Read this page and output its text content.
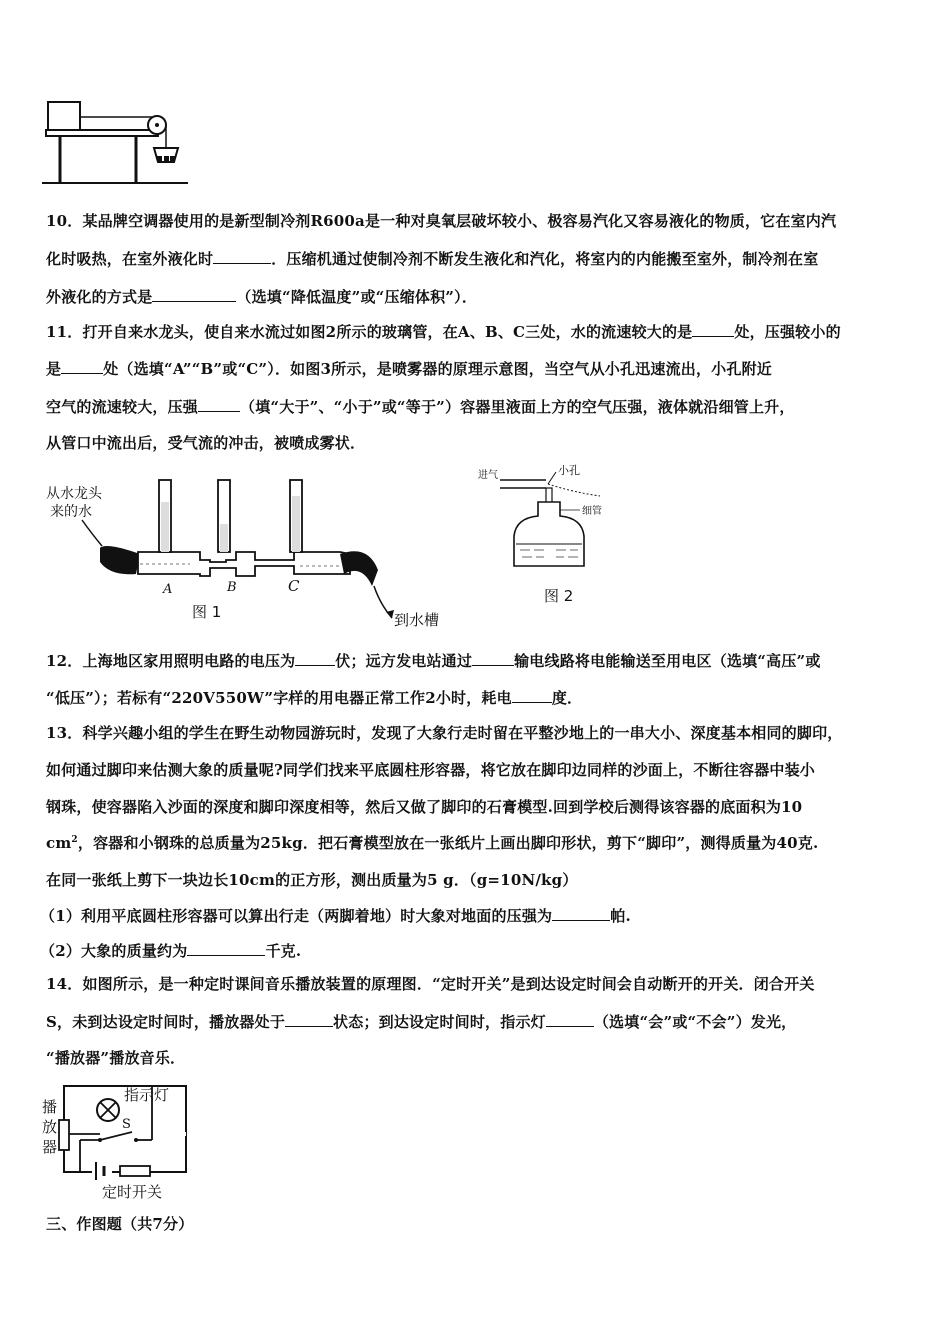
10．某品牌空调器使用的是新型制冷剂R600a是一种对臭氧层破坏较小、极容易汽化又容易液化的物质，它在室内汽
化时吸热，在室外液化时	．压缩机通过使制冷剂不断发生液化和汽化，将室内的内能搬至室外，制冷剂在室
外液化的方式是	（选填“降低温度”或“压缩体积”）．
11．打开自来水龙头，使自来水流过如图2所示的玻璃管，在A、B、C三处，水的流速较大的是	处，压强较小的
是	处（选填“A”“B”或“C”）．如图3所示，是喷雾器的原理示意图，当空气从小孔迅速流出，小孔附近
空气的流速较大，压强	（填“大于”、“小于”或“等于”）容器里液面上方的空气压强，液体就沿细管上升，
从管口中流出后，受气流的冲击，被喷成雾状．
从水龙头
来的水
A	B	C
图 1	到水槽
进气	小孔
细管
图 2
12．上海地区家用照明电路的电压为	伏；远方发电站通过	输电线路将电能输送至用电区（选填“高压”或
“低压”）；若标有“220V550W”字样的用电器正常工作2小时，耗电	度．
13．科学兴趣小组的学生在野生动物园游玩时，发现了大象行走时留在平整沙地上的一串大小、深度基本相同的脚印，
如何通过脚印来估测大象的质量呢?同学们找来平底圆柱形容器，将它放在脚印边同样的沙面上，不断往容器中装小
钢珠，使容器陷入沙面的深度和脚印深度相等，然后又做了脚印的石膏模型.回到学校后测得该容器的底面积为10
$cm^2$，容器和小钢珠的总质量为25kg．把石膏模型放在一张纸片上画出脚印形状，剪下“脚印”，测得质量为40克.
在同一张纸上剪下一块边长10cm的正方形，测出质量为5 g．（g=10N/kg）
（1）利用平底圆柱形容器可以算出行走（两脚着地）时大象对地面的压强为	帕.
（2）大象的质量约为	千克.
14．如图所示，是一种定时课间音乐播放装置的原理图．“定时开关”是到达设定时间会自动断开的开关．闭合开关
S，未到达设定时间时，播放器处于	状态；到达设定时间时，指示灯	（选填“会”或“不会”）发光，
“播放器”播放音乐．
指示灯
S
播
放
器
定时开关
三、作图题（共7分）
